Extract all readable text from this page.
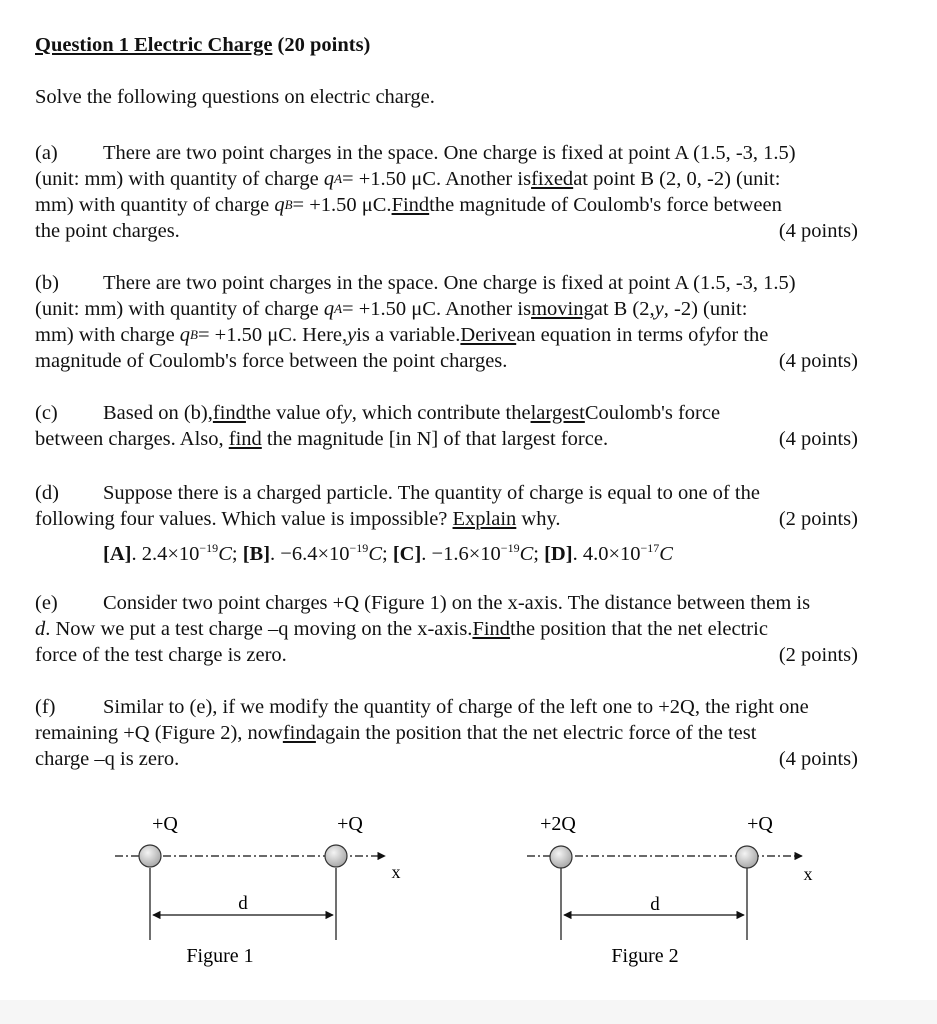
Question 1 Electric Charge (20 points)

Solve the following questions on electric charge.

(a)	There are two point charges in the space. One charge is fixed at point A (1.5, -3, 1.5)
(unit: mm) with quantity of charge
q A = +1.50 μC. Another is fixed at point B (2, 0, -2) (unit:
mm) with quantity of charge
q B = +1.50 μC. Find the magnitude of Coulomb's force between
the point charges.	(4 points)
(b)	There are two point charges in the space. One charge is fixed at point A (1.5, -3, 1.5)
(unit: mm) with quantity of charge
q A = +1.50 μC. Another is moving at B (2, y , -2) (unit:
mm) with charge
q B = +1.50 μC. Here, y is a variable. Derive an equation in terms of y for the
magnitude of Coulomb's force between the point charges.	(4 points)
(c)	Based on (b), find the value of y , which contribute the largest Coulomb's force
between charges. Also, find the magnitude [in N] of that largest force.	(4 points)
(d)	Suppose there is a charged particle. The quantity of charge is equal to one of the
following four values. Which value is impossible? Explain why.	(2 points)
[A]. $2.4\times 10^{-19}C$; [B]. $-6.4\times 10^{-19}C$; [C]. $-1.6\times 10^{-19}C$; [D]. $4.0\times 10^{-17}C$
(e)	Consider two point charges +Q (Figure 1) on the x-axis. The distance between them is
d . Now we put a test charge –q moving on the x-axis. Find the position that the net electric
force of the test charge is zero.	(2 points)
(f)	Similar to (e), if we modify the quantity of charge of the left one to +2Q, the right one
remaining +Q (Figure 2), now find again the position that the net electric force of the test
charge –q is zero.	(4 points)
+Q	+Q
x
d
Figure 1
+2Q	+Q
x
d
Figure 2
